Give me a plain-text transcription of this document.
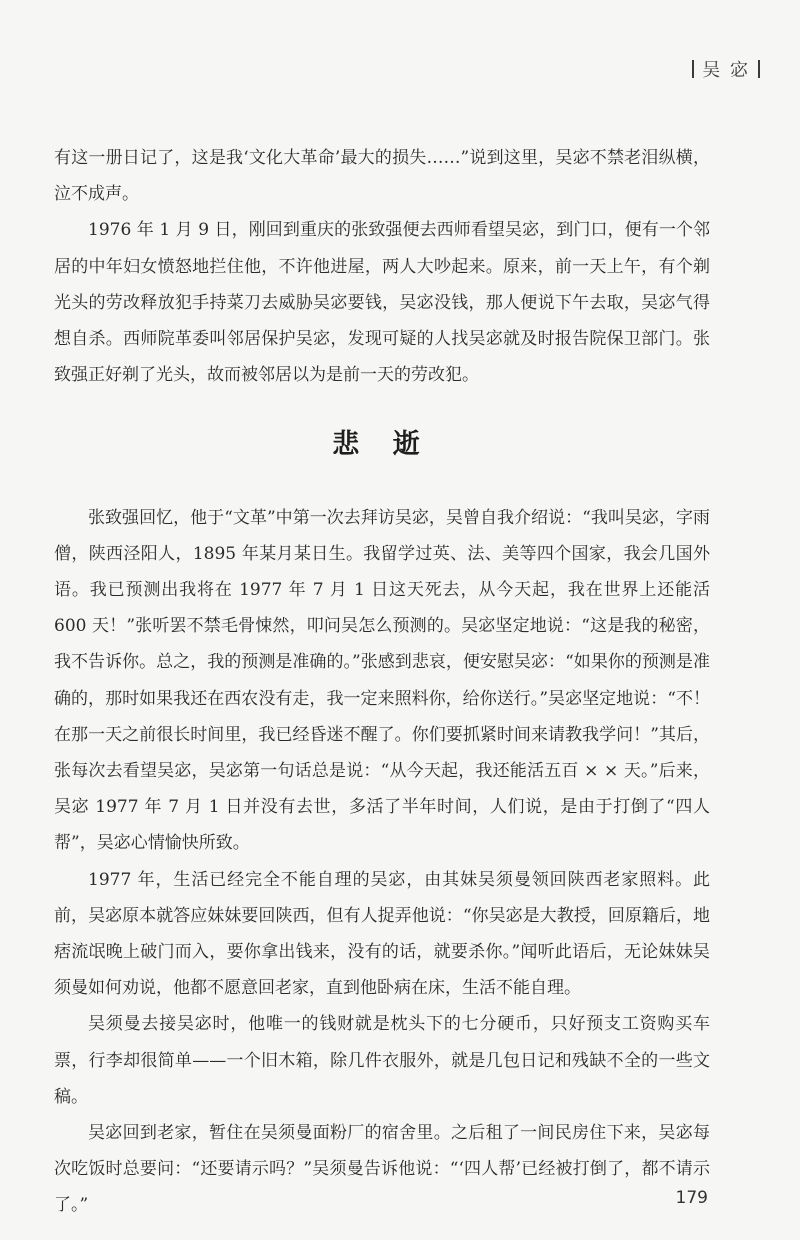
吴 宓

有这一册日记了，这是我‘文化大革命’最大的损失……”说到这里，吴宓不禁老泪纵横，泣不成声。

1976 年 1 月 9 日，刚回到重庆的张致强便去西师看望吴宓，到门口，便有一个邻居的中年妇女愤怒地拦住他，不许他进屋，两人大吵起来。原来，前一天上午，有个剃光头的劳改释放犯手持菜刀去威胁吴宓要钱，吴宓没钱，那人便说下午去取，吴宓气得想自杀。西师院革委叫邻居保护吴宓，发现可疑的人找吴宓就及时报告院保卫部门。张致强正好剃了光头，故而被邻居以为是前一天的劳改犯。

悲 逝

张致强回忆，他于“文革”中第一次去拜访吴宓，吴曾自我介绍说：“我叫吴宓，字雨僧，陕西泾阳人，1895 年某月某日生。我留学过英、法、美等四个国家，我会几国外语。我已预测出我将在 1977 年 7 月 1 日这天死去，从今天起，我在世界上还能活 600 天！”张听罢不禁毛骨悚然，叩问吴怎么预测的。吴宓坚定地说：“这是我的秘密，我不告诉你。总之，我的预测是准确的。”张感到悲哀，便安慰吴宓：“如果你的预测是准确的，那时如果我还在西农没有走，我一定来照料你，给你送行。”吴宓坚定地说：“不！在那一天之前很长时间里，我已经昏迷不醒了。你们要抓紧时间来请教我学问！”其后，张每次去看望吴宓，吴宓第一句话总是说：“从今天起，我还能活五百 × × 天。”后来，吴宓 1977 年 7 月 1 日并没有去世，多活了半年时间，人们说，是由于打倒了“四人帮”，吴宓心情愉快所致。

1977 年，生活已经完全不能自理的吴宓，由其妹吴须曼领回陕西老家照料。此前，吴宓原本就答应妹妹要回陕西，但有人捉弄他说：“你吴宓是大教授，回原籍后，地痞流氓晚上破门而入，要你拿出钱来，没有的话，就要杀你。”闻听此语后，无论妹妹吴须曼如何劝说，他都不愿意回老家，直到他卧病在床，生活不能自理。

吴须曼去接吴宓时，他唯一的钱财就是枕头下的七分硬币，只好预支工资购买车票，行李却很简单——一个旧木箱，除几件衣服外，就是几包日记和残缺不全的一些文稿。

吴宓回到老家，暂住在吴须曼面粉厂的宿舍里。之后租了一间民房住下来，吴宓每次吃饭时总要问：“还要请示吗？”吴须曼告诉他说：“‘四人帮’已经被打倒了，都不请示了。”	179
